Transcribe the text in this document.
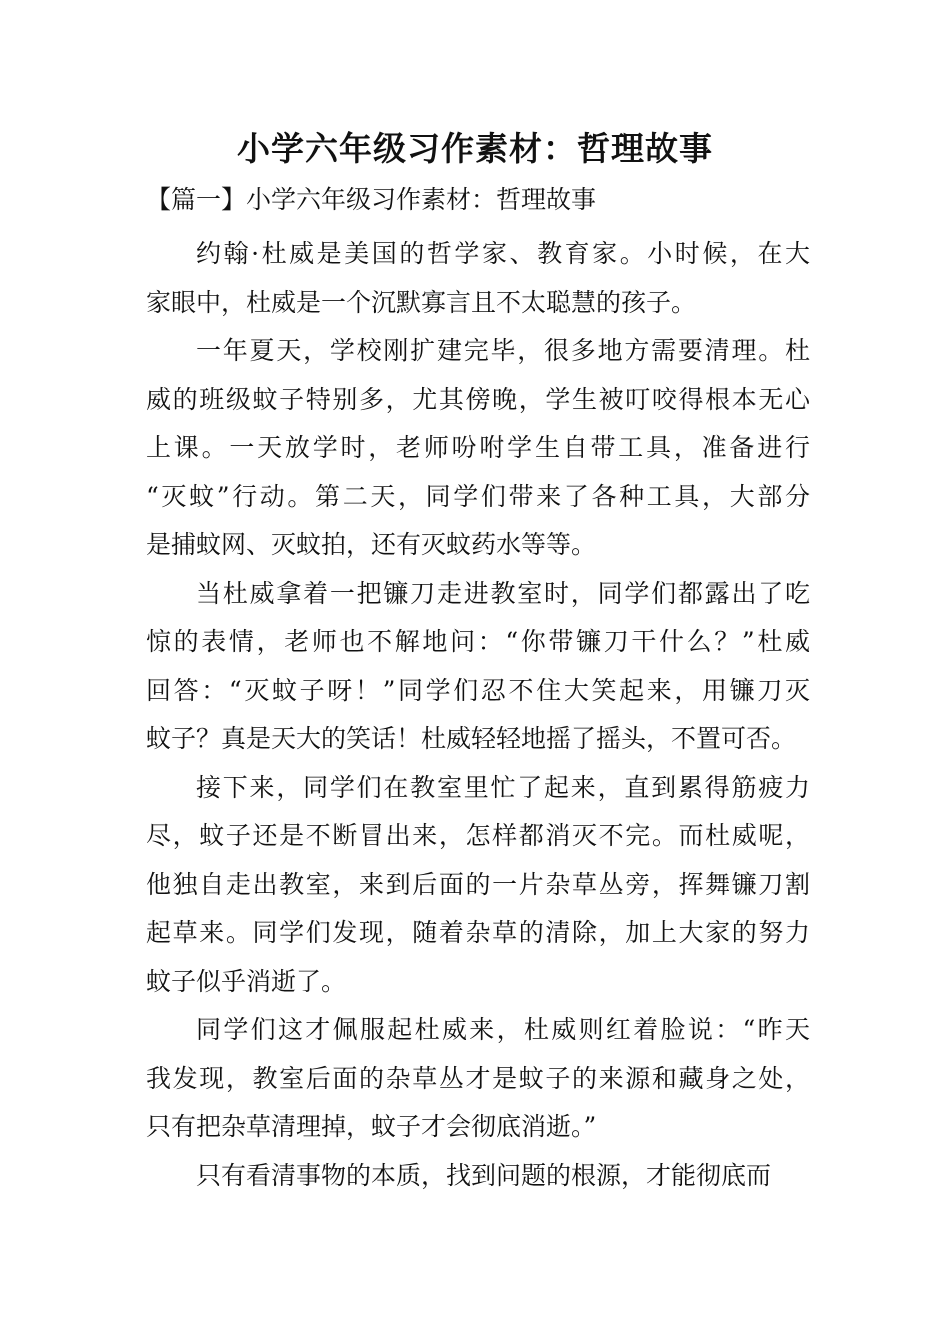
小学六年级习作素材：哲理故事

【篇一】小学六年级习作素材：哲理故事

约翰·杜威是美国的哲学家、教育家。小时候，在大
家眼中，杜威是一个沉默寡言且不太聪慧的孩子。
一年夏天，学校刚扩建完毕，很多地方需要清理。杜
威的班级蚊子特别多，尤其傍晚，学生被叮咬得根本无心
上课。一天放学时，老师吩咐学生自带工具，准备进行
“灭蚊”行动。第二天，同学们带来了各种工具，大部分
是捕蚊网、灭蚊拍，还有灭蚊药水等等。
当杜威拿着一把镰刀走进教室时，同学们都露出了吃
惊的表情，老师也不解地问：“你带镰刀干什么？”杜威
回答：“灭蚊子呀！”同学们忍不住大笑起来，用镰刀灭
蚊子？真是天大的笑话！杜威轻轻地摇了摇头，不置可否。
接下来，同学们在教室里忙了起来，直到累得筋疲力
尽，蚊子还是不断冒出来，怎样都消灭不完。而杜威呢，
他独自走出教室，来到后面的一片杂草丛旁，挥舞镰刀割
起草来。同学们发现，随着杂草的清除，加上大家的努力
蚊子似乎消逝了。
同学们这才佩服起杜威来，杜威则红着脸说：“昨天
我发现，教室后面的杂草丛才是蚊子的来源和藏身之处，
只有把杂草清理掉，蚊子才会彻底消逝。”
只有看清事物的本质，找到问题的根源，才能彻底而
